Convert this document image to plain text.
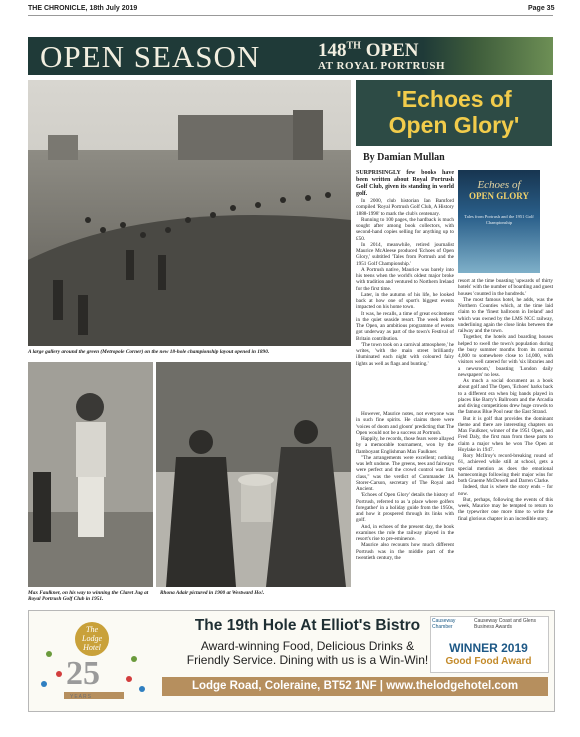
THE CHRONICLE, 18th July 2019	Page 35
OPEN SEASON	148TH OPEN
AT ROYAL PORTRUSH
A large gallery around the green (Metropole Corner) on the new 18-hole championship layout opened in 1890.
Max Faulkner, on his way to winning the Claret Jug at Royal Portrush Golf Club in 1951.
Rhona Adair pictured in 1900 at Westward Ho!.
'Echoes of
Open Glory'
By Damian Mullan
Echoes of
OPEN GLORY
Tales from Portrush and the 1951 Golf Championship

SURPRISINGLY few books have been written about Royal Portrush Golf Club, given its standing in world golf.

In 2000, club historian Ian Bamford compiled 'Royal Portrush Golf Club, A History 1888-1998' to mark the club's centenary.

Running to 100 pages, the hardback is much sought after among book collectors, with second-hand copies selling for anything up to £50.

In 2014, meanwhile, retired journalist Maurice McAleese produced 'Echoes of Open Glory,' subtitled 'Tales from Portrush and the 1951 Golf Championship.'

A Portrush native, Maurice was barely into his teens when the world's oldest major broke with tradition and ventured to Northern Ireland for the first time.

Later, in the autumn of his life, he looked back at how one of sport's biggest events impacted on his home town.

It was, he recalls, a time of great excitement in the quiet seaside resort. The week before The Open, an ambitious programme of events got underway as part of the town's Festival of Britain contribution.

'The town took on a carnival atmosphere,' he writes, 'with the main street brilliantly illuminated each night with coloured fairy lights as well as flags and bunting.'

However, Maurice notes, not everyone was in such fine spirits. He claims there were 'voices of doom and gloom' predicting that The Open would not be a success at Portrush.

Happily, he records, those fears were allayed by a memorable tournament, won by the flamboyant Englishman Max Faulkner.

"The arrangements were excellent; nothing was left undone. The greens, tees and fairways were perfect and the crowd control was first class," was the verdict of Commander JA Storer-Carson, secretary of The Royal and Ancient.

'Echoes of Open Glory' details the history of Portrush, referred to as 'a place where golfers foregather' in a holiday guide from the 1950s, and how it prospered through its links with golf.

And, in echoes of the present day, the book examines the role the railway played in the resort's rise to pre-eminence.

Maurice also recounts how much different Portrush was in the middle part of the twentieth century, the

resort at the time boasting 'upwards of thirty hotels' with the number of boarding and guest houses 'counted in the hundreds.'

The most famous hotel, he adds, was the Northern Counties which, at the time laid claim to the 'finest ballroom in Ireland' and which was owned by the LMS NCC railway, underlining again the close links between the railway and the town.

Together, the hotels and boarding houses helped to swell the town's population during the busy summer months from its normal 4,000 to somewhere close to 14,000, with visitors well catered for with 'six libraries and a newsroom,' boasting 'London daily newspapers' no less.

As much a social document as a book about golf and The Open, 'Echoes' harks back to a different era when big bands played in places like Barry's Ballroom and the Arcadia and diving competitions drew huge crowds to the famous Blue Pool near the East Strand.

But it is golf that provides the dominant theme and there are interesting chapters on Max Faulkner, winner of the 1951 Open, and Fred Daly, the first man from these parts to claim a major when he won The Open at Hoylake in 1947.

Rory McIlroy's record-breaking round of 61, achieved while still at school, gets a special mention as does the emotional homecomings following their major wins for both Graeme McDowell and Darren Clarke.

Indeed, that is where the story ends – for now.

But, perhaps, following the events of this week, Maurice may be tempted to return to the typewriter one more time to write the final glorious chapter in an incredible story.

The Lodge Hotel
25
YEARS
The 19th Hole At Elliot's Bistro
Award-winning Food, Delicious Drinks &
Friendly Service. Dining with us is a Win-Win!
Causeway Chamber
Causeway Coast and Glens Business Awards
WINNER 2019
Good Food Award
Lodge Road, Coleraine, BT52 1NF | www.thelodgehotel.com
